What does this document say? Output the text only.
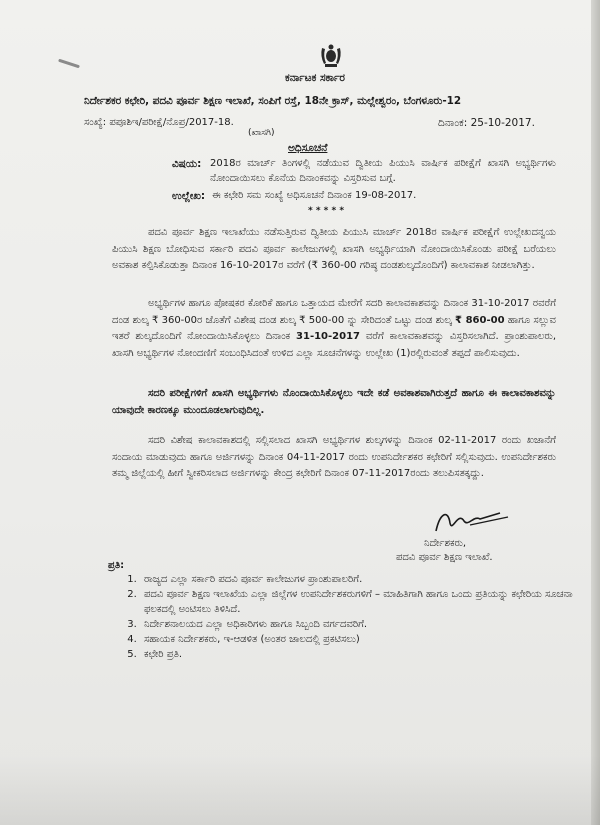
ಕರ್ನಾಟಕ ಸರ್ಕಾರ
ನಿರ್ದೇಶಕರ ಕಛೇರಿ, ಪದವಿ ಪೂರ್ವ ಶಿಕ್ಷಣ ಇಲಾಖೆ, ಸಂಪಿಗೆ ರಸ್ತೆ, 18ನೇ ಕ್ರಾಸ್, ಮಲ್ಲೇಶ್ವರಂ, ಬೆಂಗಳೂರು-12
ಸಂಖ್ಯೆ: ಪಪೂಶಿಇ/ಪರೀಕ್ಷೆ/ನೊಪ್ರ/2017-18.
(ಖಾಸಗಿ)
ದಿನಾಂಕ: 25-10-2017.
ಅಧಿಸೂಚನೆ
ವಿಷಯ: 2018ರ ಮಾರ್ಚ್ ತಿಂಗಳಲ್ಲಿ ನಡೆಯುವ ದ್ವಿತೀಯ ಪಿಯುಸಿ ವಾರ್ಷಿಕ ಪರೀಕ್ಷೆಗೆ ಖಾಸಗಿ ಅಭ್ಯರ್ಥಿಗಳು ನೋಂದಾಯಿಸಲು ಕೊನೆಯ ದಿನಾಂಕವನ್ನು ವಿಸ್ತರಿಸುವ ಬಗ್ಗೆ.
ಉಲ್ಲೇಖ: ಈ ಕಛೇರಿ ಸಮ ಸಂಖ್ಯೆ ಅಧಿಸೂಚನೆ ದಿನಾಂಕ 19-08-2017.
* * * * *
ಪದವಿ ಪೂರ್ವ ಶಿಕ್ಷಣ ಇಲಾಖೆಯು ನಡೆಸುತ್ತಿರುವ ದ್ವಿತೀಯ ಪಿಯುಸಿ ಮಾರ್ಚ್ 2018ರ ವಾರ್ಷಿಕ ಪರೀಕ್ಷೆಗೆ ಉಲ್ಲೇಖದನ್ವಯ ಪಿಯುಸಿ ಶಿಕ್ಷಣ ಬೋಧಿಸುವ ಸರ್ಕಾರಿ ಪದವಿ ಪೂರ್ವ ಕಾಲೇಜುಗಳಲ್ಲಿ ಖಾಸಗಿ ಅಭ್ಯರ್ಥಿಯಾಗಿ ನೋಂದಾಯಿಸಿಕೊಂಡು ಪರೀಕ್ಷೆ ಬರೆಯಲು ಅವಕಾಶ ಕಲ್ಪಿಸಿಕೊಡುತ್ತಾ ದಿನಾಂಕ 16-10-2017ರ ವರೆಗೆ (₹ 360-00 ಗರಿಷ್ಠ ದಂಡಶುಲ್ಕದೊಂದಿಗೆ) ಕಾಲಾವಕಾಶ ನೀಡಲಾಗಿತ್ತು.
ಅಭ್ಯರ್ಥಿಗಳ ಹಾಗೂ ಪೋಷಕರ ಕೋರಿಕೆ ಹಾಗೂ ಒತ್ತಾಯದ ಮೇರೆಗೆ ಸದರಿ ಕಾಲಾವಕಾಶವನ್ನು ದಿನಾಂಕ 31-10-2017 ರವರೆಗೆ ದಂಡ ಶುಲ್ಕ ₹ 360-00ರ ಜೊತೆಗೆ ವಿಶೇಷ ದಂಡ ಶುಲ್ಕ ₹ 500-00 ನ್ನು ಸೇರಿದಂತೆ ಒಟ್ಟು ದಂಡ ಶುಲ್ಕ ₹ 860-00 ಹಾಗೂ ಸಲ್ಲುವ ಇತರೆ ಶುಲ್ಕದೊಂದಿಗೆ ನೋಂದಾಯಿಸಿಕೊಳ್ಳಲು ದಿನಾಂಕ 31-10-2017 ವರೆಗೆ ಕಾಲಾವಕಾಶವನ್ನು ವಿಸ್ತರಿಸಲಾಗಿದೆ. ಪ್ರಾಂಶುಪಾಲರು, ಖಾಸಗಿ ಅಭ್ಯರ್ಥಿಗಳ ನೋಂದಣಿಗೆ ಸಂಬಂಧಿಸಿದಂತೆ ಉಳಿದ ಎಲ್ಲಾ ಸೂಚನೆಗಳನ್ನು ಉಲ್ಲೇಖ (1)ರಲ್ಲಿರುವಂತೆ ತಪ್ಪದೆ ಪಾಲಿಸುವುದು.
ಸದರಿ ಪರೀಕ್ಷೆಗಳಿಗೆ ಖಾಸಗಿ ಅಭ್ಯರ್ಥಿಗಳು ನೊಂದಾಯಿಸಿಕೊಳ್ಳಲು ಇದೇ ಕಡೆ ಅವಕಾಶವಾಗಿರುತ್ತದೆ ಹಾಗೂ ಈ ಕಾಲಾವಕಾಶವನ್ನು ಯಾವುದೇ ಕಾರಣಕ್ಕೂ ಮುಂದೂಡಲಾಗುವುದಿಲ್ಲ.
ಸದರಿ ವಿಶೇಷ ಕಾಲಾವಕಾಶದಲ್ಲಿ ಸಲ್ಲಿಸಲಾದ ಖಾಸಗಿ ಅಭ್ಯರ್ಥಿಗಳ ಶುಲ್ಕಗಳನ್ನು ದಿನಾಂಕ 02-11-2017 ರಂದು ಖಜಾನೆಗೆ ಸಂದಾಯ ಮಾಡುವುದು ಹಾಗೂ ಅರ್ಜಿಗಳನ್ನು ದಿನಾಂಕ 04-11-2017 ರಂದು ಉಪನಿರ್ದೇಶಕರ ಕಛೇರಿಗೆ ಸಲ್ಲಿಸುವುದು. ಉಪನಿರ್ದೇಶಕರು ತಮ್ಮ ಜಿಲ್ಲೆಯಲ್ಲಿ ಹೀಗೆ ಸ್ವೀಕರಿಸಲಾದ ಅರ್ಜಿಗಳನ್ನು ಕೇಂದ್ರ ಕಛೇರಿಗೆ ದಿನಾಂಕ 07-11-2017ರಂದು ತಲುಪಿಸತಕ್ಕದ್ದು.
ನಿರ್ದೇಶಕರು,
ಪದವಿ ಪೂರ್ವ ಶಿಕ್ಷಣ ಇಲಾಖೆ.
ಪ್ರತಿ:
1. ರಾಜ್ಯದ ಎಲ್ಲಾ ಸರ್ಕಾರಿ ಪದವಿ ಪೂರ್ವ ಕಾಲೇಜುಗಳ ಪ್ರಾಂಶುಪಾಲರಿಗೆ.
2. ಪದವಿ ಪೂರ್ವ ಶಿಕ್ಷಣ ಇಲಾಖೆಯ ಎಲ್ಲಾ ಜಿಲ್ಲೆಗಳ ಉಪನಿರ್ದೇಶಕರುಗಳಿಗೆ – ಮಾಹಿತಿಗಾಗಿ ಹಾಗೂ ಒಂದು ಪ್ರತಿಯನ್ನು ಕಛೇರಿಯ ಸೂಚನಾ ಫಲಕದಲ್ಲಿ ಅಂಟಿಸಲು ತಿಳಿಸಿದೆ.
3. ನಿರ್ದೇಶನಾಲಯದ ಎಲ್ಲಾ ಅಧಿಕಾರಿಗಳು ಹಾಗೂ ಸಿಬ್ಬಂದಿ ವರ್ಗದವರಿಗೆ.
4. ಸಹಾಯಕ ನಿರ್ದೇಶಕರು, ಇ-ಆಡಳಿತ (ಅಂತರ ಜಾಲದಲ್ಲಿ ಪ್ರಕಟಿಸಲು)
5. ಕಛೇರಿ ಪ್ರತಿ.
